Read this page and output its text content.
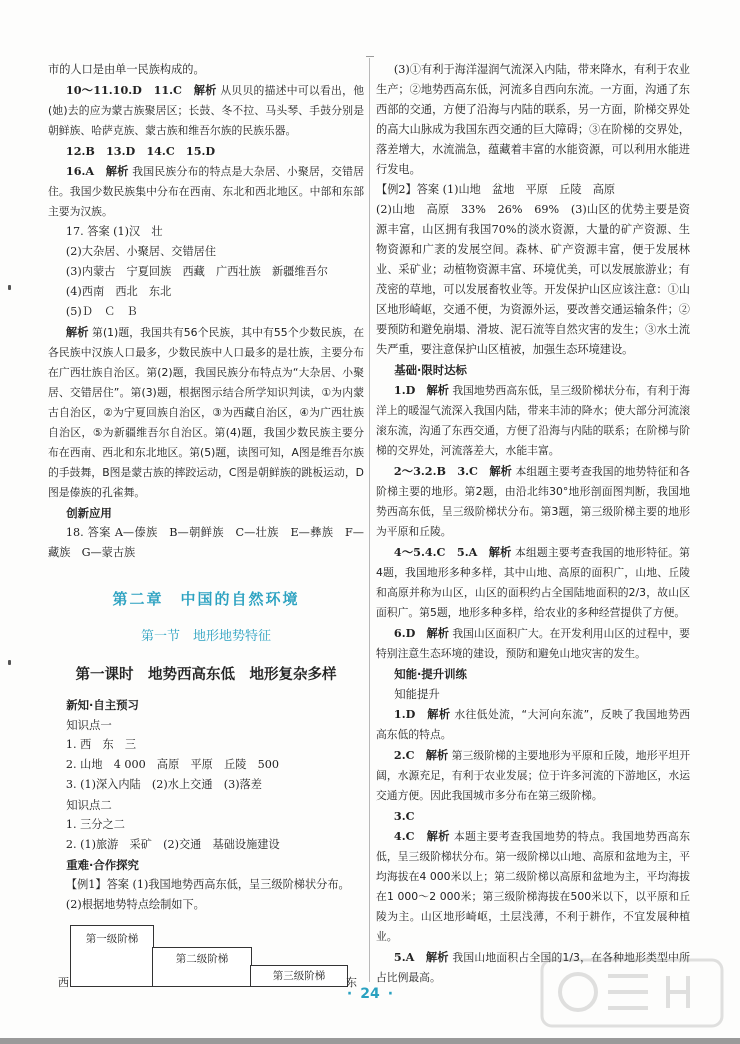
市的人口是由单一民族构成的。

10～11.10.D　11.C　解析 从贝贝的描述中可以看出，他(她)去的应为蒙古族聚居区；长鼓、冬不拉、马头琴、手鼓分别是朝鲜族、哈萨克族、蒙古族和维吾尔族的民族乐器。

12.B　13.D　14.C　15.D

16.A　解析 我国民族分布的特点是大杂居、小聚居，交错居住。我国少数民族集中分布在西南、东北和西北地区。中部和东部主要为汉族。

17. 答案 (1)汉　壮

(2)大杂居、小聚居、交错居住

(3)内蒙古　宁夏回族　西藏　广西壮族　新疆维吾尔

(4)西南　西北　东北

(5)Ｄ　Ｃ　Ｂ

解析 第(1)题，我国共有56个民族，其中有55个少数民族，在各民族中汉族人口最多，少数民族中人口最多的是壮族，主要分布在广西壮族自治区。第(2)题，我国民族分布特点为“大杂居、小聚居、交错居住”。第(3)题，根据图示结合所学知识判读，①为内蒙古自治区，②为宁夏回族自治区，③为西藏自治区，④为广西壮族自治区，⑤为新疆维吾尔自治区。第(4)题，我国少数民族主要分布在西南、西北和东北地区。第(5)题，读图可知，A图是维吾尔族的手鼓舞，B图是蒙古族的摔跤运动，C图是朝鲜族的跳板运动，D图是傣族的孔雀舞。

创新应用

18. 答案 A—傣族　B—朝鲜族　C—壮族　E—彝族　F—藏族　G—蒙古族

第二章　中国的自然环境
第一节　地形地势特征
第一课时　地势西高东低　地形复杂多样

新知·自主预习

知识点一

1. 西　东　三

2. 山地　4 000　高原　平原　丘陵　500

3. (1)深入内陆　(2)水上交通　(3)落差

知识点二

1. 三分之二

2. (1)旅游　采矿　(2)交通　基础设施建设

重难·合作探究

【例1】答案 (1)我国地势西高东低，呈三级阶梯状分布。

(2)根据地势特点绘制如下。

第一级阶梯
第二级阶梯
第三级阶梯
西	东

(3)①有利于海洋湿润气流深入内陆，带来降水，有利于农业生产；②地势西高东低，河流多自西向东流。一方面，沟通了东西部的交通，方便了沿海与内陆的联系，另一方面，阶梯交界处的高大山脉成为我国东西交通的巨大障碍；③在阶梯的交界处，落差增大，水流湍急，蕴藏着丰富的水能资源，可以利用水能进行发电。

【例2】答案 (1)山地　盆地　平原　丘陵　高原

(2)山地　高原　33%　26%　69%　(3)山区的优势主要是资源丰富，山区拥有我国70%的淡水资源，大量的矿产资源、生物资源和广袤的发展空间。森林、矿产资源丰富，便于发展林业、采矿业；动植物资源丰富、环境优美，可以发展旅游业；有茂密的草地，可以发展畜牧业等。开发保护山区应该注意：①山区地形崎岖，交通不便，为资源外运，要改善交通运输条件；②要预防和避免崩塌、滑坡、泥石流等自然灾害的发生；③水土流失严重，要注意保护山区植被，加强生态环境建设。

基础·限时达标

1.D　解析 我国地势西高东低，呈三级阶梯状分布，有利于海洋上的暖湿气流深入我国内陆，带来丰沛的降水；使大部分河流滚滚东流，沟通了东西交通，方便了沿海与内陆的联系；在阶梯与阶梯的交界处，河流落差大，水能丰富。

2～3.2.B　3.C　解析 本组题主要考查我国的地势特征和各阶梯主要的地形。第2题，由沿北纬30°地形剖面图判断，我国地势西高东低，呈三级阶梯状分布。第3题，第三级阶梯主要的地形为平原和丘陵。

4～5.4.C　5.A　解析 本组题主要考查我国的地形特征。第4题，我国地形多种多样，其中山地、高原的面积广，山地、丘陵和高原并称为山区，山区的面积约占全国陆地面积的2/3，故山区面积广。第5题，地形多种多样，给农业的多种经营提供了方便。

6.D　解析 我国山区面积广大。在开发利用山区的过程中，要特别注意生态环境的建设，预防和避免山地灾害的发生。

知能·提升训练

知能提升

1.D　解析 水往低处流，“大河向东流”，反映了我国地势西高东低的特点。

2.C　解析 第三级阶梯的主要地形为平原和丘陵，地形平坦开阔，水源充足，有利于农业发展；位于许多河流的下游地区，水运交通方便。因此我国城市多分布在第三级阶梯。

3.C

4.C　解析 本题主要考查我国地势的特点。我国地势西高东低，呈三级阶梯状分布。第一级阶梯以山地、高原和盆地为主，平均海拔在4 000米以上；第二级阶梯以高原和盆地为主，平均海拔在1 000～2 000米；第三级阶梯海拔在500米以下，以平原和丘陵为主。山区地形崎岖，土层浅薄，不利于耕作，不宜发展种植业。

5.A　解析 我国山地面积占全国的1/3，在各种地形类型中所占比例最高。

· 24 ·
